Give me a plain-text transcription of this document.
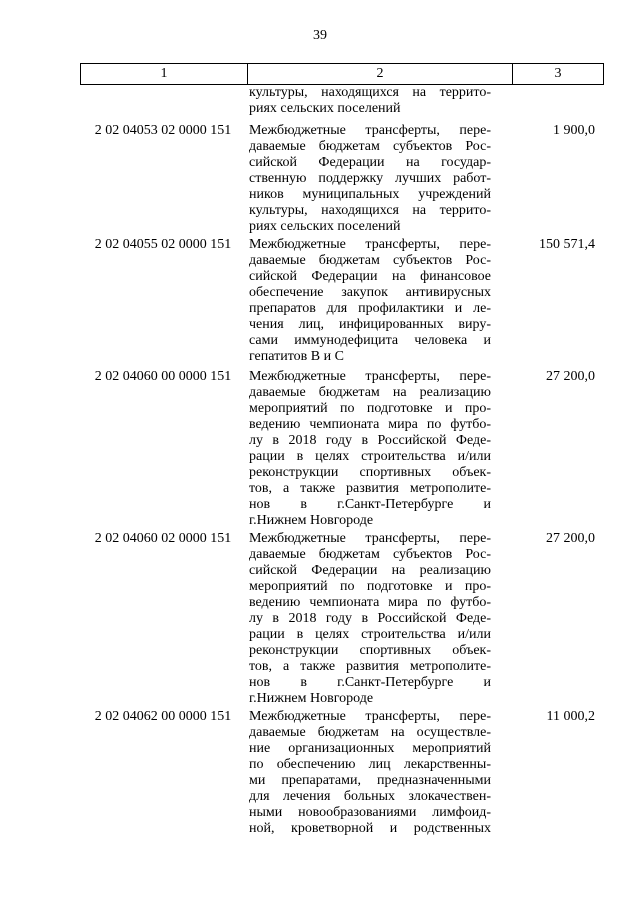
39
1	2	3
культуры, находящихся на террито-
риях сельских поселений
2 02 04053 02 0000 151	Межбюджетные трансферты, пере-
даваемые бюджетам субъектов Рос-
сийской Федерации на государ-
ственную поддержку лучших работ-
ников муниципальных учреждений
культуры, находящихся на террито-
риях сельских поселений
1 900,0
2 02 04055 02 0000 151	Межбюджетные трансферты, пере-
даваемые бюджетам субъектов Рос-
сийской Федерации на финансовое
обеспечение закупок антивирусных
препаратов для профилактики и ле-
чения лиц, инфицированных виру-
сами иммунодефицита человека и
гепатитов В и С
150 571,4
2 02 04060 00 0000 151	Межбюджетные трансферты, пере-
даваемые бюджетам на реализацию
мероприятий по подготовке и про-
ведению чемпионата мира по футбо-
лу в 2018 году в Российской Феде-
рации в целях строительства и/или
реконструкции спортивных объек-
тов, а также развития метрополите-
нов в г.Санкт-Петербурге и
г.Нижнем Новгороде
27 200,0
2 02 04060 02 0000 151	Межбюджетные трансферты, пере-
даваемые бюджетам субъектов Рос-
сийской Федерации на реализацию
мероприятий по подготовке и про-
ведению чемпионата мира по футбо-
лу в 2018 году в Российской Феде-
рации в целях строительства и/или
реконструкции спортивных объек-
тов, а также развития метрополите-
нов в г.Санкт-Петербурге и
г.Нижнем Новгороде
27 200,0
2 02 04062 00 0000 151	Межбюджетные трансферты, пере-
даваемые бюджетам на осуществле-
ние организационных мероприятий
по обеспечению лиц лекарственны-
ми препаратами, предназначенными
для лечения больных злокачествен-
ными новообразованиями лимфоид-
ной, кроветворной и родственных
11 000,2
